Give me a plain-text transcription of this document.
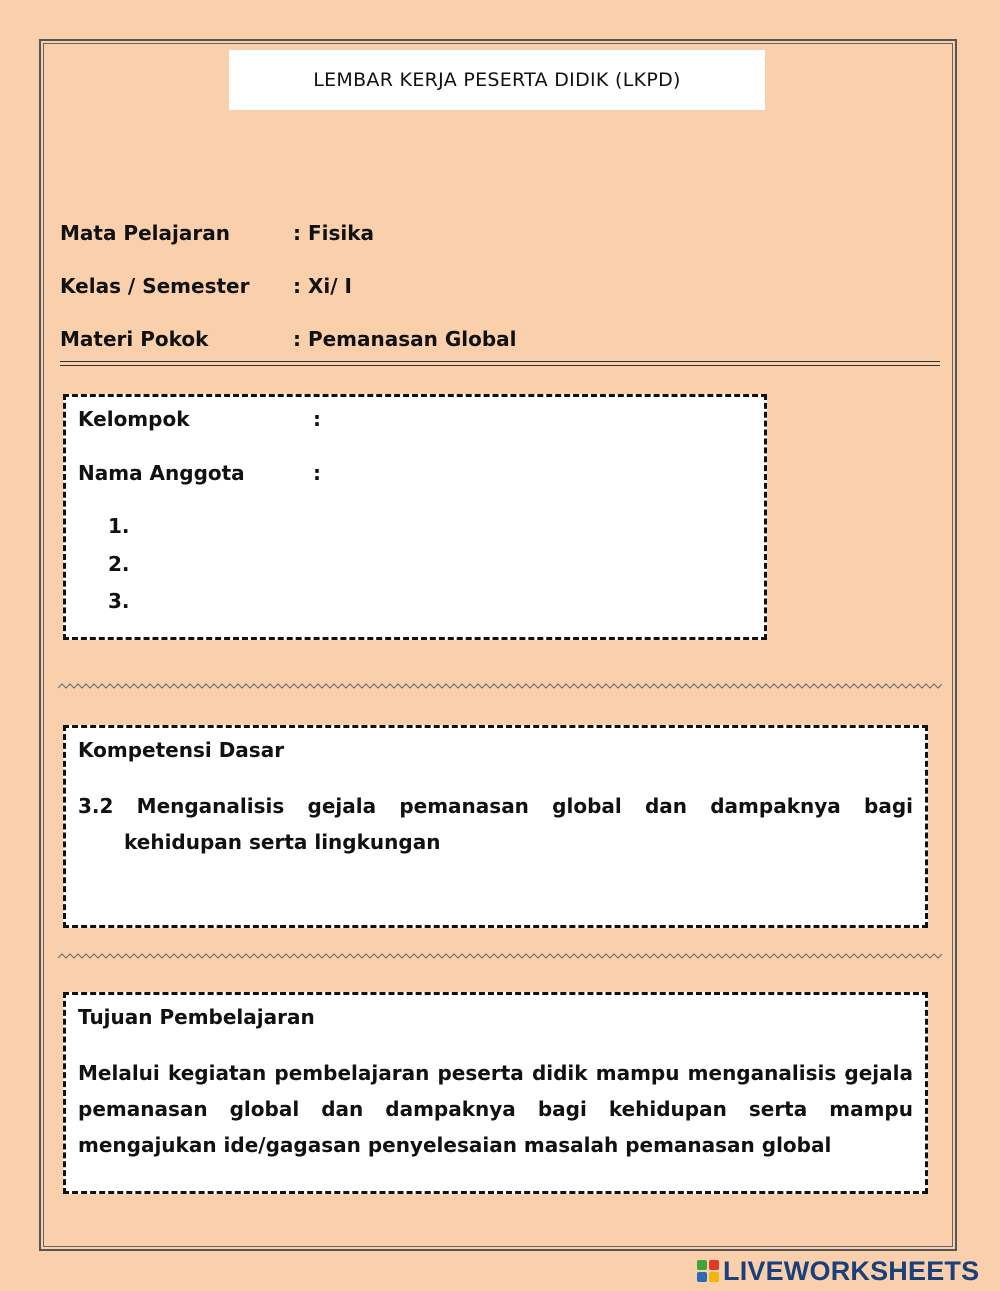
LEMBAR KERJA PESERTA DIDIK (LKPD)
Mata Pelajaran	: Fisika
Kelas / Semester : Xi/ I
Materi Pokok	: Pemanasan Global
Kelompok	:
Nama Anggota	:
1.
2.
3.
Kompetensi Dasar
3.2 Menganalisis gejala pemanasan global dan dampaknya bagi kehidupan serta lingkungan
Tujuan Pembelajaran
Melalui kegiatan pembelajaran peserta didik mampu menganalisis gejala pemanasan global dan dampaknya bagi kehidupan serta mampu mengajukan ide/gagasan penyelesaian masalah pemanasan global
LIVEWORKSHEETS
